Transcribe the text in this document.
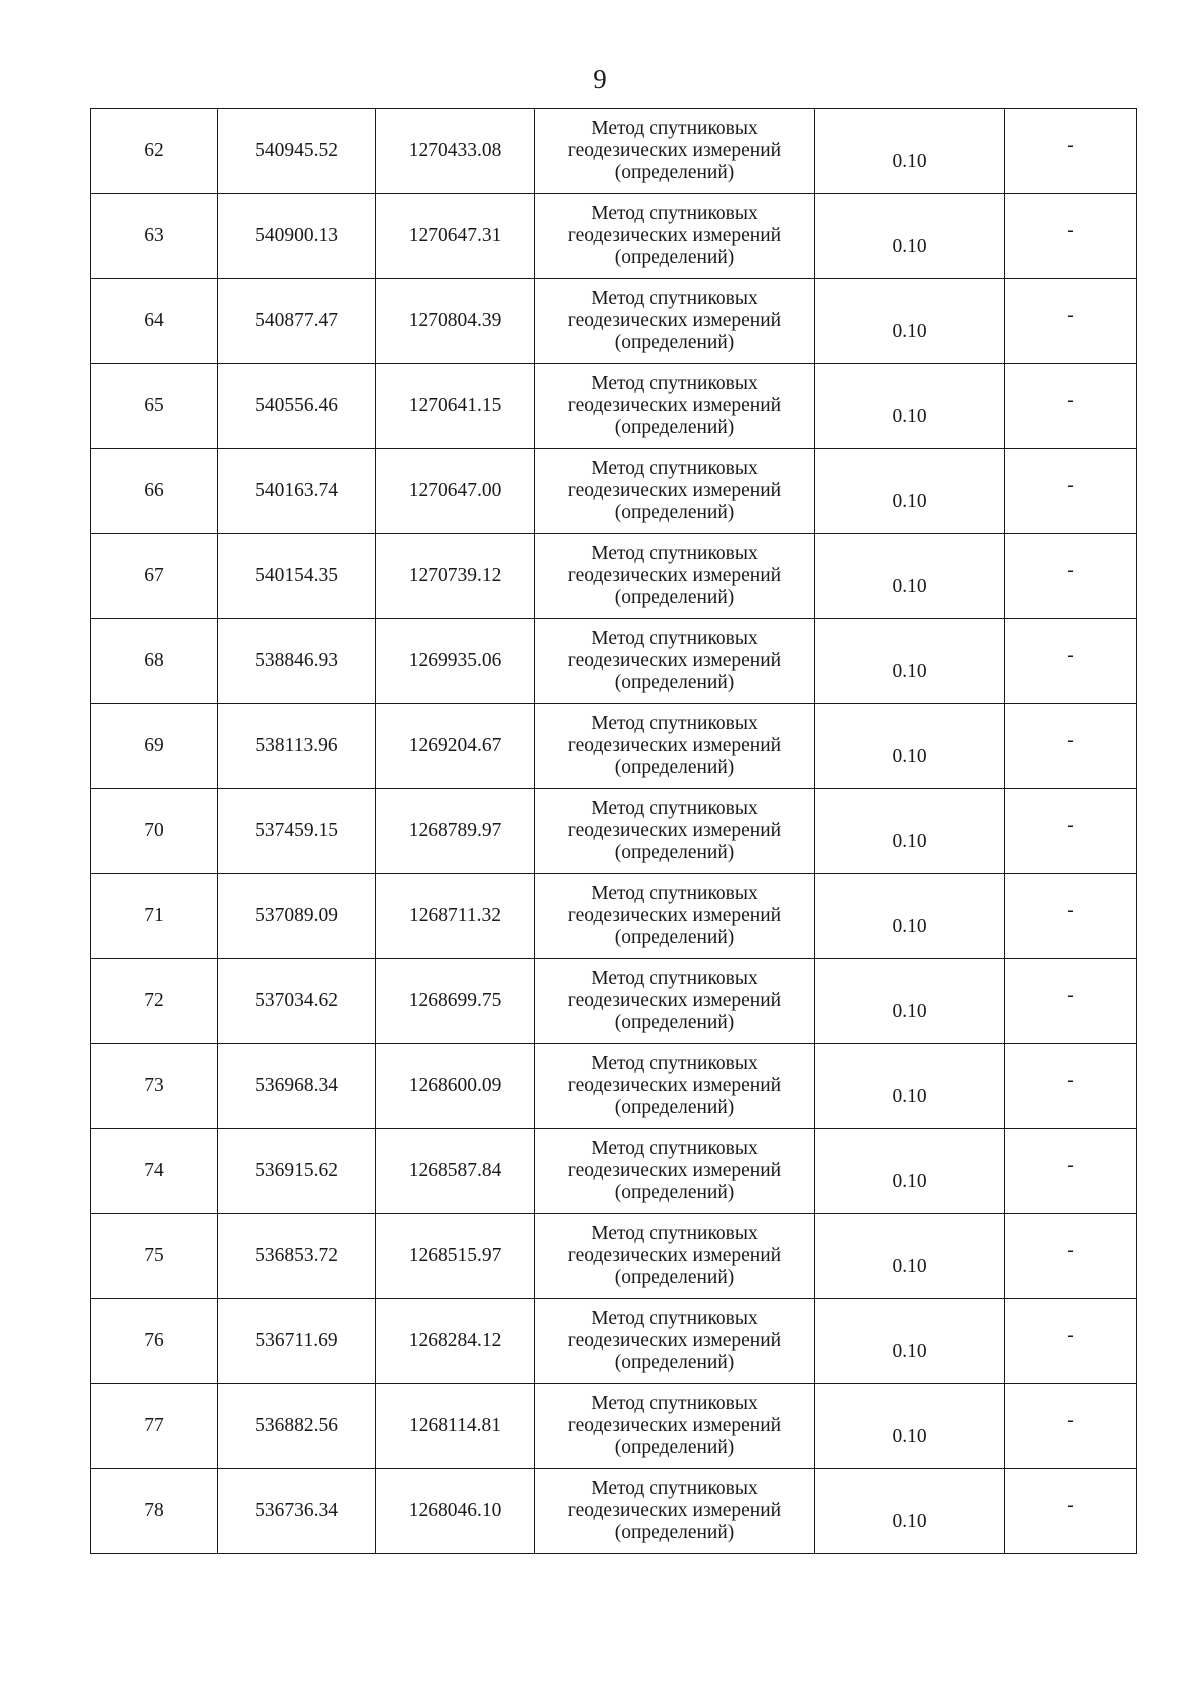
9
62	540945.52	1270433.08	Метод спутниковых
геодезических измерений
(определений)	0.10	-
63	540900.13	1270647.31	Метод спутниковых
геодезических измерений
(определений)	0.10	-
64	540877.47	1270804.39	Метод спутниковых
геодезических измерений
(определений)	0.10	-
65	540556.46	1270641.15	Метод спутниковых
геодезических измерений
(определений)	0.10	-
66	540163.74	1270647.00	Метод спутниковых
геодезических измерений
(определений)	0.10	-
67	540154.35	1270739.12	Метод спутниковых
геодезических измерений
(определений)	0.10	-
68	538846.93	1269935.06	Метод спутниковых
геодезических измерений
(определений)	0.10	-
69	538113.96	1269204.67	Метод спутниковых
геодезических измерений
(определений)	0.10	-
70	537459.15	1268789.97	Метод спутниковых
геодезических измерений
(определений)	0.10	-
71	537089.09	1268711.32	Метод спутниковых
геодезических измерений
(определений)	0.10	-
72	537034.62	1268699.75	Метод спутниковых
геодезических измерений
(определений)	0.10	-
73	536968.34	1268600.09	Метод спутниковых
геодезических измерений
(определений)	0.10	-
74	536915.62	1268587.84	Метод спутниковых
геодезических измерений
(определений)	0.10	-
75	536853.72	1268515.97	Метод спутниковых
геодезических измерений
(определений)	0.10	-
76	536711.69	1268284.12	Метод спутниковых
геодезических измерений
(определений)	0.10	-
77	536882.56	1268114.81	Метод спутниковых
геодезических измерений
(определений)	0.10	-
78	536736.34	1268046.10	Метод спутниковых
геодезических измерений
(определений)	0.10	-
